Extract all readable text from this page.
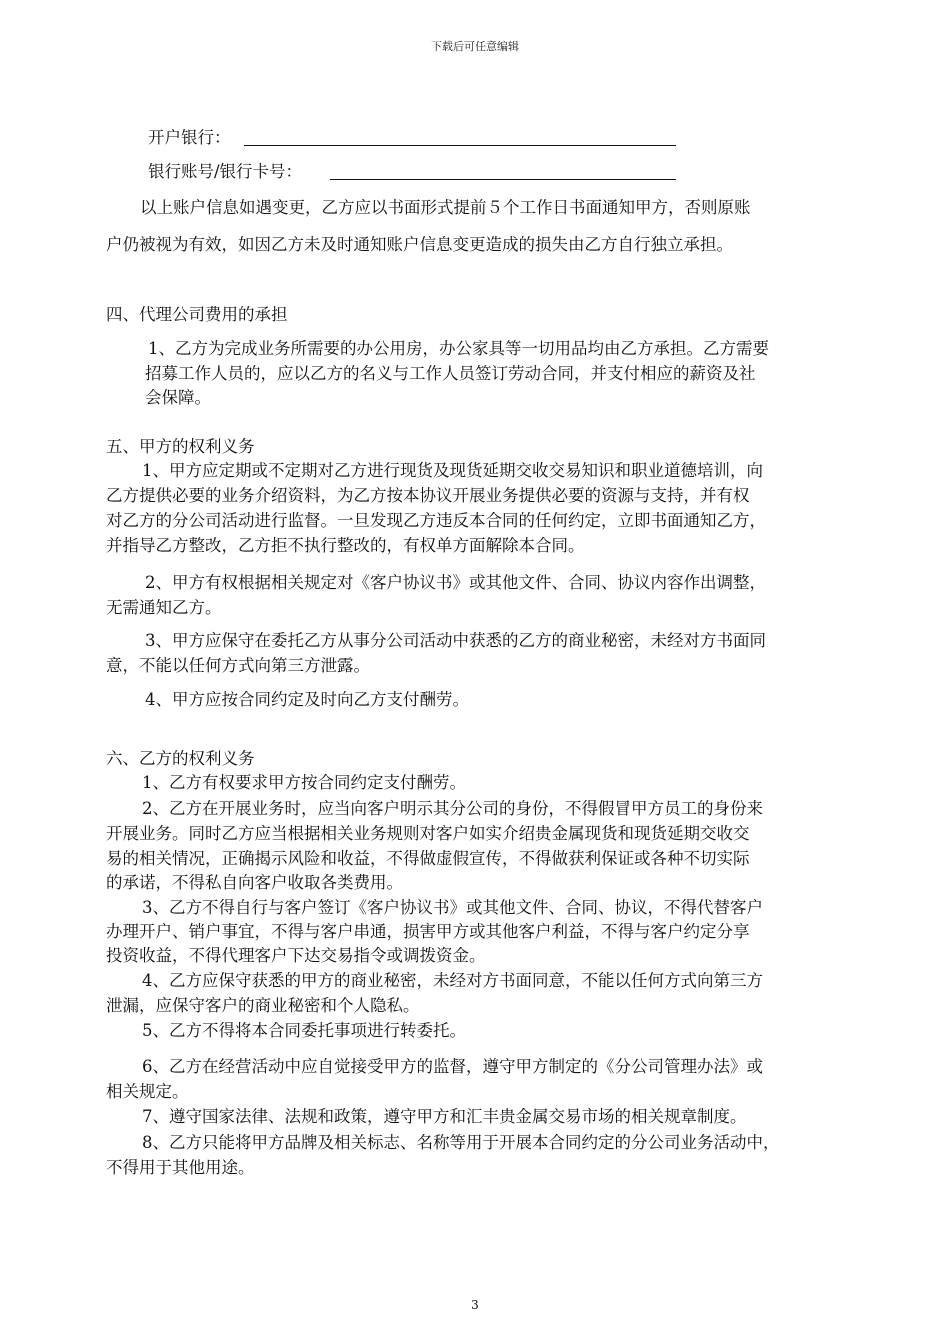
下载后可任意编辑
开户银行：
银行账号/银行卡号：
以上账户信息如遇变更，乙方应以书面形式提前５个工作日书面通知甲方，否则原账
户仍被视为有效，如因乙方未及时通知账户信息变更造成的损失由乙方自行独立承担。
四、代理公司费用的承担
1、乙方为完成业务所需要的办公用房，办公家具等一切用品均由乙方承担。乙方需要
招募工作人员的，应以乙方的名义与工作人员签订劳动合同，并支付相应的薪资及社
会保障。
五、甲方的权利义务
1、甲方应定期或不定期对乙方进行现货及现货延期交收交易知识和职业道德培训，向
乙方提供必要的业务介绍资料，为乙方按本协议开展业务提供必要的资源与支持，并有权
对乙方的分公司活动进行监督。一旦发现乙方违反本合同的任何约定，立即书面通知乙方，
并指导乙方整改，乙方拒不执行整改的，有权单方面解除本合同。
2、甲方有权根据相关规定对《客户协议书》或其他文件、合同、协议内容作出调整，
无需通知乙方。
3、甲方应保守在委托乙方从事分公司活动中获悉的乙方的商业秘密，未经对方书面同
意，不能以任何方式向第三方泄露。
4、甲方应按合同约定及时向乙方支付酬劳。
六、乙方的权利义务
1、乙方有权要求甲方按合同约定支付酬劳。
2、乙方在开展业务时，应当向客户明示其分公司的身份，不得假冒甲方员工的身份来
开展业务。同时乙方应当根据相关业务规则对客户如实介绍贵金属现货和现货延期交收交
易的相关情况，正确揭示风险和收益，不得做虚假宣传，不得做获利保证或各种不切实际
的承诺，不得私自向客户收取各类费用。
3、乙方不得自行与客户签订《客户协议书》或其他文件、合同、协议，不得代替客户
办理开户、销户事宜，不得与客户串通，损害甲方或其他客户利益，不得与客户约定分享
投资收益，不得代理客户下达交易指令或调拨资金。
4、乙方应保守获悉的甲方的商业秘密，未经对方书面同意，不能以任何方式向第三方
泄漏，应保守客户的商业秘密和个人隐私。
5、乙方不得将本合同委托事项进行转委托。
6、乙方在经营活动中应自觉接受甲方的监督，遵守甲方制定的《分公司管理办法》或
相关规定。
7、遵守国家法律、法规和政策，遵守甲方和汇丰贵金属交易市场的相关规章制度。
8、乙方只能将甲方品牌及相关标志、名称等用于开展本合同约定的分公司业务活动中，
不得用于其他用途。
3
